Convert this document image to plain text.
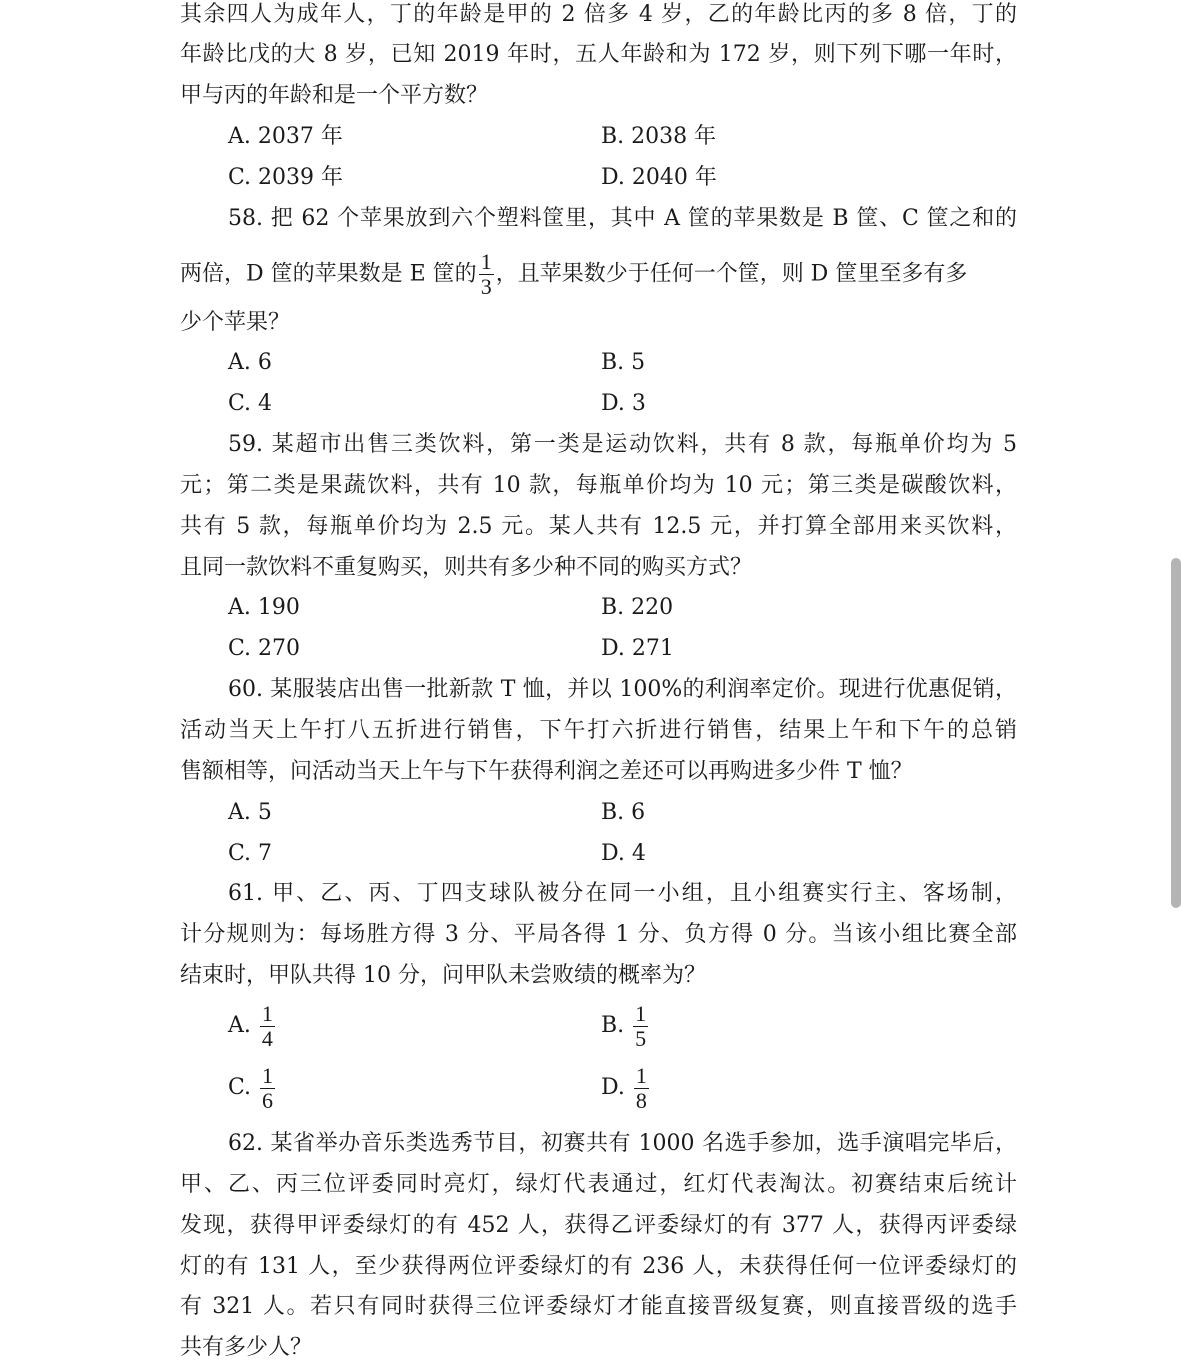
其余四人为成年人，丁的年龄是甲的 2 倍多 4 岁，乙的年龄比丙的多 8 倍，丁的
年龄比戊的大 8 岁，已知 2019 年时，五人年龄和为 172 岁，则下列下哪一年时，
甲与丙的年龄和是一个平方数？
A. 2037 年	B. 2038 年
C. 2039 年	D. 2040 年
58. 把 62 个苹果放到六个塑料筐里，其中 A 筐的苹果数是 B 筐、C 筐之和的
两倍，D 筐的苹果数是 E 筐的 $\frac{1}{3}$ ，且苹果数少于任何一个筐，则 D 筐里至多有多
少个苹果？
A. 6	B. 5
C. 4	D. 3
59. 某超市出售三类饮料，第一类是运动饮料，共有 8 款，每瓶单价均为 5
元；第二类是果蔬饮料，共有 10 款，每瓶单价均为 10 元；第三类是碳酸饮料，
共有 5 款，每瓶单价均为 2.5 元。某人共有 12.5 元，并打算全部用来买饮料，
且同一款饮料不重复购买，则共有多少种不同的购买方式？
A. 190	B. 220
C. 270	D. 271
60. 某服装店出售一批新款 T 恤，并以 100%的利润率定价。现进行优惠促销，
活动当天上午打八五折进行销售，下午打六折进行销售，结果上午和下午的总销
售额相等，问活动当天上午与下午获得利润之差还可以再购进多少件 T 恤？
A. 5	B. 6
C. 7	D. 4
61. 甲、乙、丙、丁四支球队被分在同一小组，且小组赛实行主、客场制，
计分规则为：每场胜方得 3 分、平局各得 1 分、负方得 0 分。当该小组比赛全部
结束时，甲队共得 10 分，问甲队未尝败绩的概率为？
A. $\frac{1}{4}$	B. $\frac{1}{5}$
C. $\frac{1}{6}$	D. $\frac{1}{8}$
62. 某省举办音乐类选秀节目，初赛共有 1000 名选手参加，选手演唱完毕后，
甲、乙、丙三位评委同时亮灯，绿灯代表通过，红灯代表淘汰。初赛结束后统计
发现，获得甲评委绿灯的有 452 人，获得乙评委绿灯的有 377 人，获得丙评委绿
灯的有 131 人，至少获得两位评委绿灯的有 236 人，未获得任何一位评委绿灯的
有 321 人。若只有同时获得三位评委绿灯才能直接晋级复赛，则直接晋级的选手
共有多少人？
